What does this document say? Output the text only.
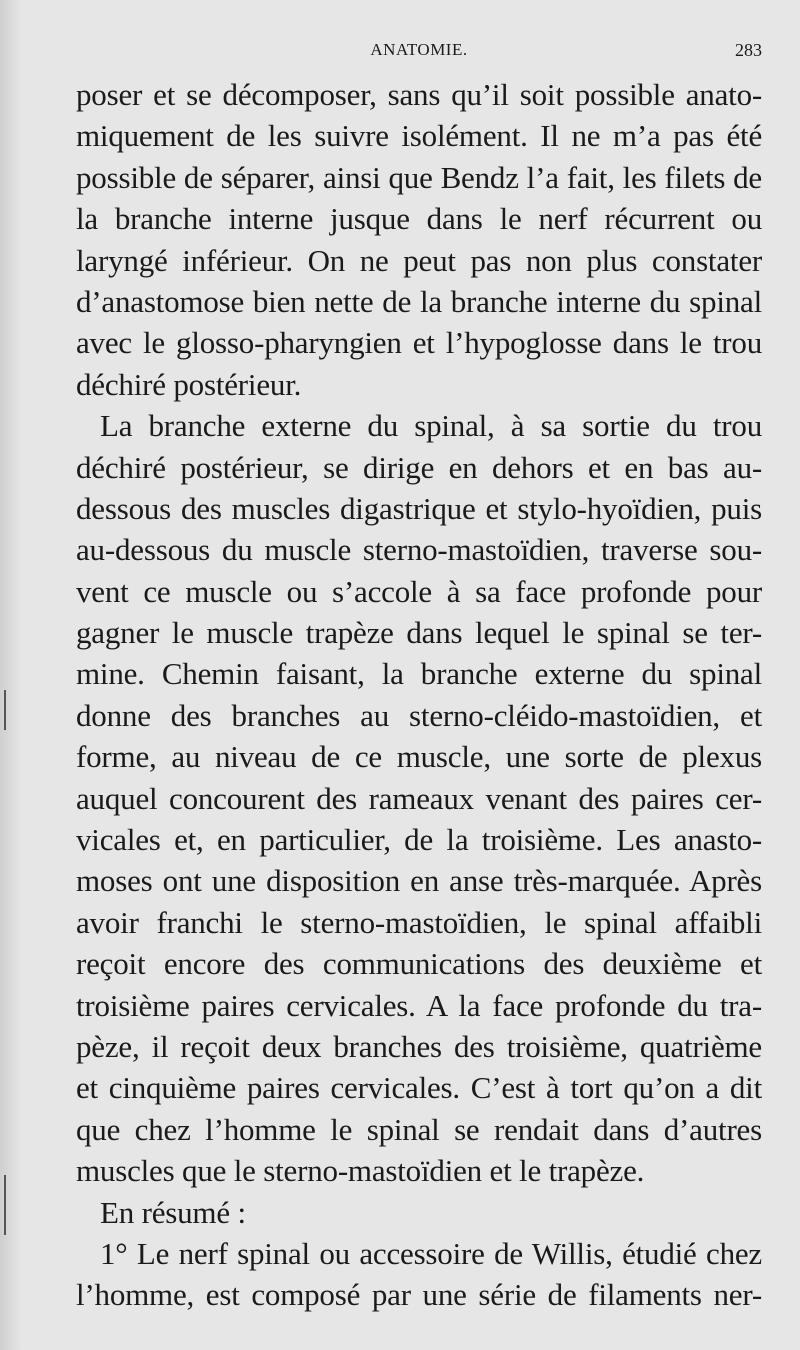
ANATOMIE.	283
poser et se décomposer, sans qu’il soit possible anato-
miquement de les suivre isolément. Il ne m’a pas été
possible de séparer, ainsi que Bendz l’a fait, les filets de
la branche interne jusque dans le nerf récurrent ou
laryngé inférieur. On ne peut pas non plus constater
d’anastomose bien nette de la branche interne du spinal
avec le glosso-pharyngien et l’hypoglosse dans le trou
déchiré postérieur.
La branche externe du spinal, à sa sortie du trou
déchiré postérieur, se dirige en dehors et en bas au-
dessous des muscles digastrique et stylo-hyoïdien, puis
au-dessous du muscle sterno-mastoïdien, traverse sou-
vent ce muscle ou s’accole à sa face profonde pour
gagner le muscle trapèze dans lequel le spinal se ter-
mine. Chemin faisant, la branche externe du spinal
donne des branches au sterno-cléido-mastoïdien, et
forme, au niveau de ce muscle, une sorte de plexus
auquel concourent des rameaux venant des paires cer-
vicales et, en particulier, de la troisième. Les anasto-
moses ont une disposition en anse très-marquée. Après
avoir franchi le sterno-mastoïdien, le spinal affaibli
reçoit encore des communications des deuxième et
troisième paires cervicales. A la face profonde du tra-
pèze, il reçoit deux branches des troisième, quatrième
et cinquième paires cervicales. C’est à tort qu’on a dit
que chez l’homme le spinal se rendait dans d’autres
muscles que le sterno-mastoïdien et le trapèze.
En résumé :
1° Le nerf spinal ou accessoire de Willis, étudié chez
l’homme, est composé par une série de filaments ner-
